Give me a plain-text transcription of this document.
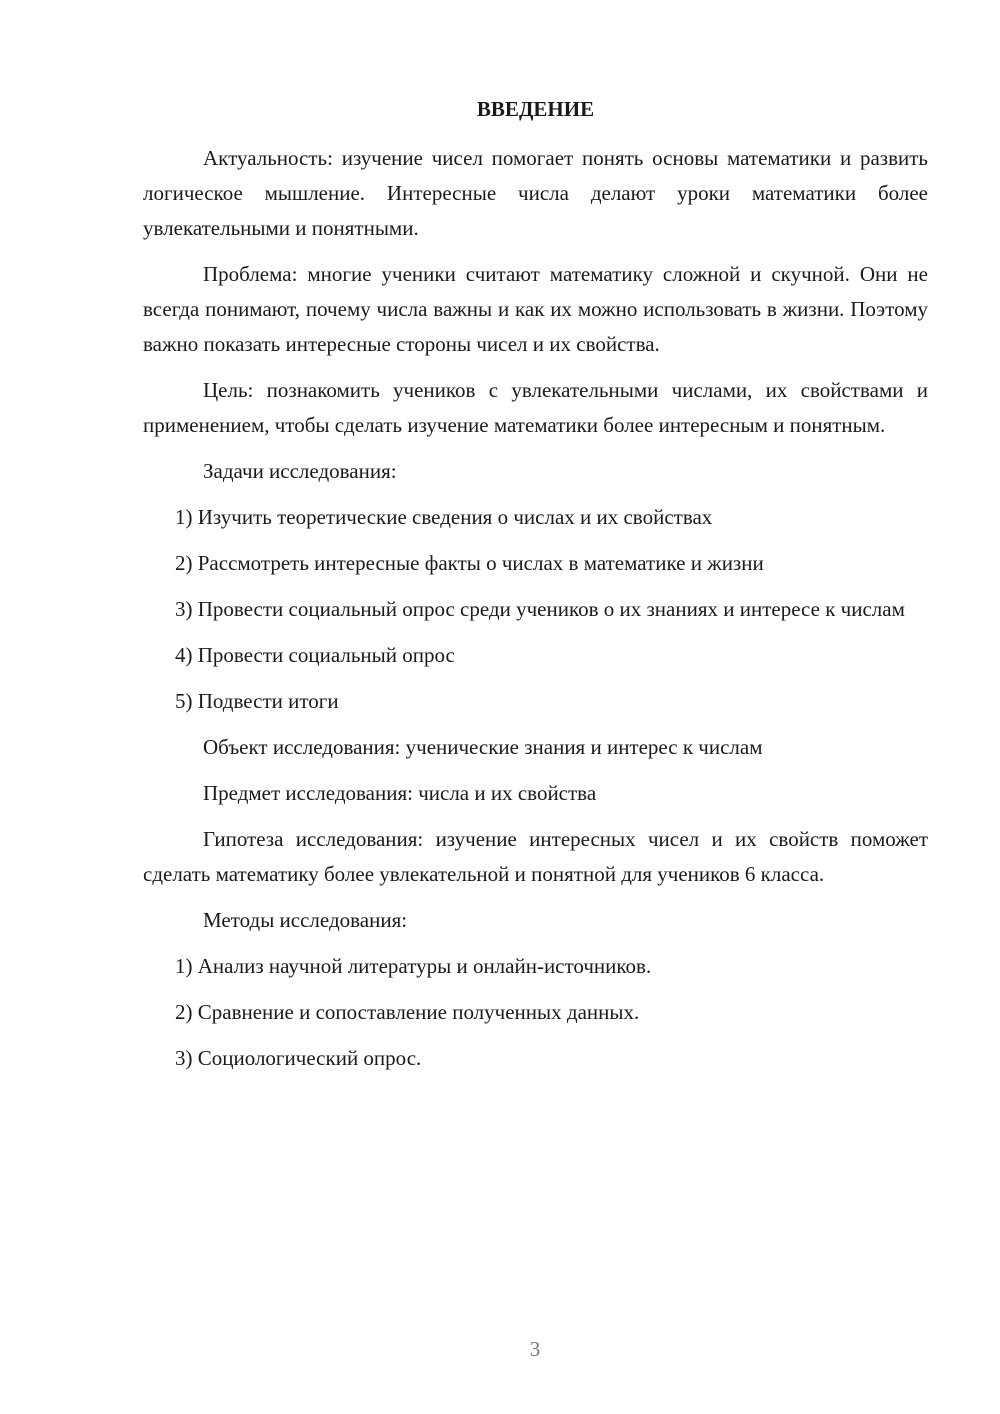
ВВЕДЕНИЕ

Актуальность: изучение чисел помогает понять основы математики и развить логическое мышление. Интересные числа делают уроки математики более увлекательными и понятными.

Проблема: многие ученики считают математику сложной и скучной. Они не всегда понимают, почему числа важны и как их можно использовать в жизни. Поэтому важно показать интересные стороны чисел и их свойства.

Цель: познакомить учеников с увлекательными числами, их свойствами и применением, чтобы сделать изучение математики более интересным и понятным.

Задачи исследования:

1) Изучить теоретические сведения о числах и их свойствах

2) Рассмотреть интересные факты о числах в математике и жизни

3) Провести социальный опрос среди учеников о их знаниях и интересе к числам

4) Провести социальный опрос

5) Подвести итоги

Объект исследования: ученические знания и интерес к числам

Предмет исследования: числа и их свойства

Гипотеза исследования: изучение интересных чисел и их свойств поможет сделать математику более увлекательной и понятной для учеников 6 класса.

Методы исследования:

1) Анализ научной литературы и онлайн-источников.

2) Сравнение и сопоставление полученных данных.

3) Социологический опрос.

3
